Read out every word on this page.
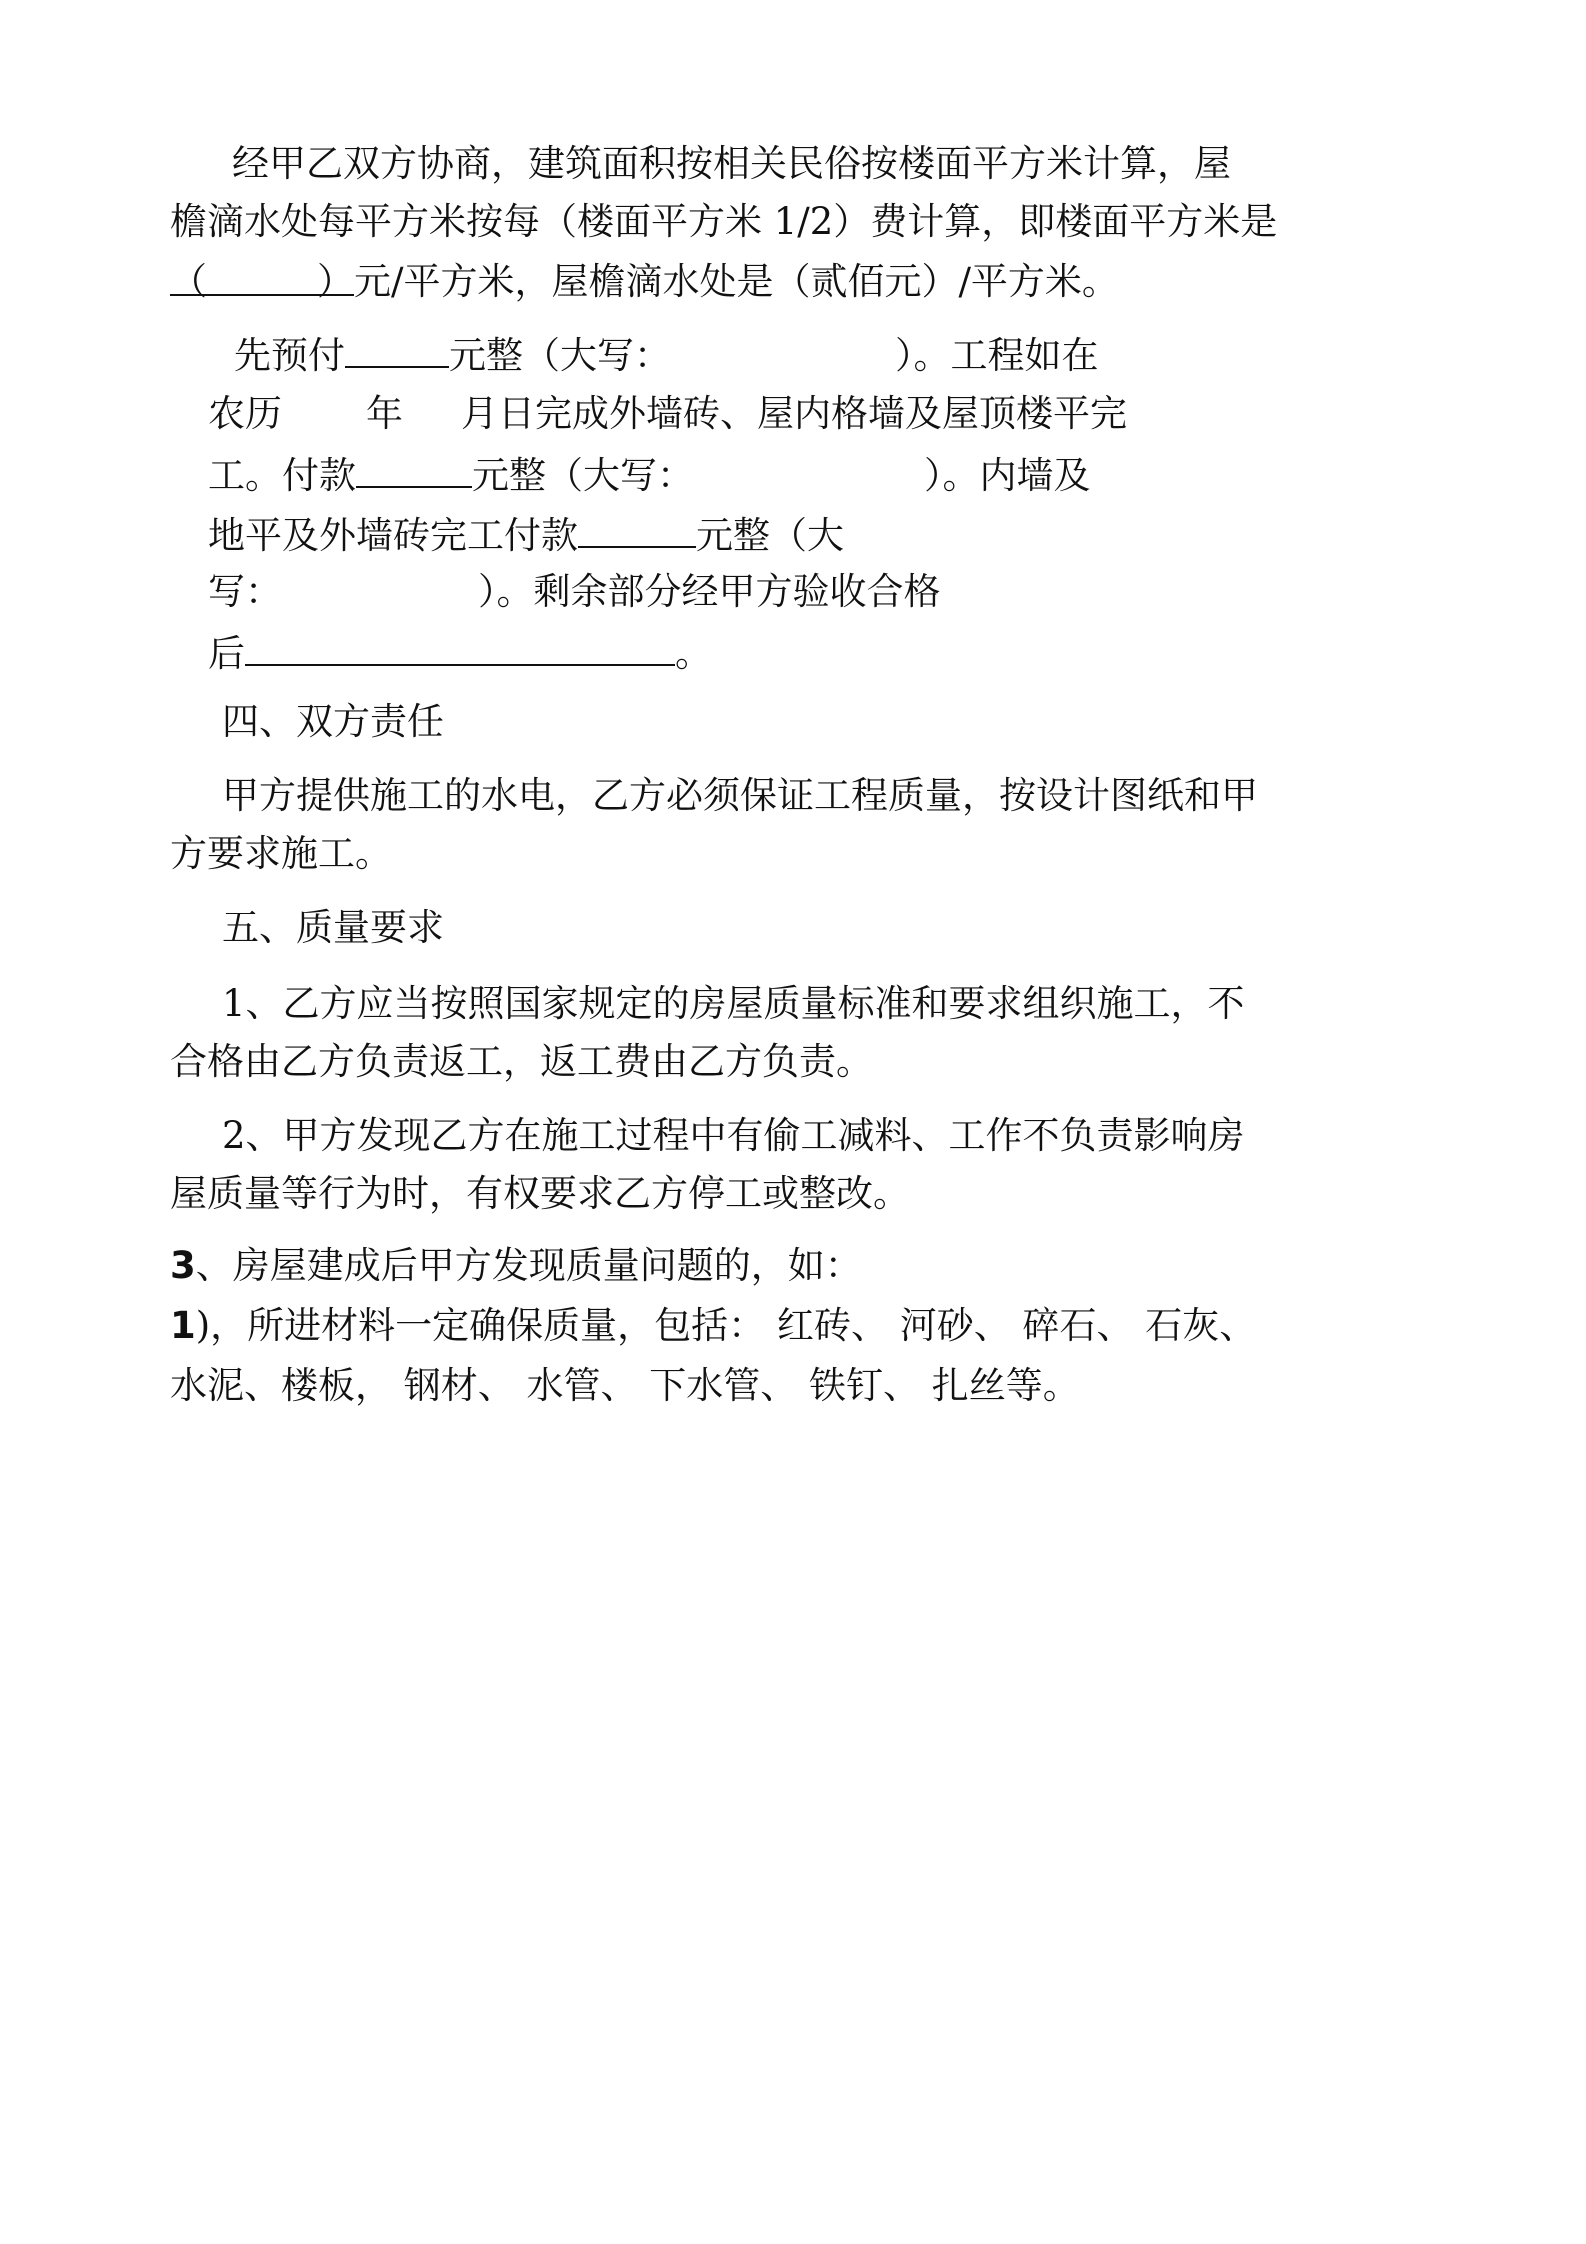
经甲乙双方协商，建筑面积按相关民俗按楼面平方米计算，屋
檐滴水处每平方米按每（楼面平方米 1/2）费计算，即楼面平方米是
（	）元/平方米，屋檐滴水处是（贰佰元）/平方米。
先预付	元整（大写：	）。工程如在
农历 年 月日完成外墙砖、屋内格墙及屋顶楼平完
工。付款	元整（大写：	）。内墙及
地平及外墙砖完工付款	元整（大
写：	）。剩余部分经甲方验收合格
后	。
四、双方责任
甲方提供施工的水电，乙方必须保证工程质量，按设计图纸和甲
方要求施工。
五、质量要求
1、乙方应当按照国家规定的房屋质量标准和要求组织施工，不
合格由乙方负责返工，返工费由乙方负责。
2、甲方发现乙方在施工过程中有偷工减料、工作不负责影响房
屋质量等行为时，有权要求乙方停工或整改。
3、房屋建成后甲方发现质量问题的，如：
1)，所进材料一定确保质量，包括： 红砖、 河砂、 碎石、 石灰、
水泥、楼板， 钢材、 水管、 下水管、 铁钉、 扎丝等。
